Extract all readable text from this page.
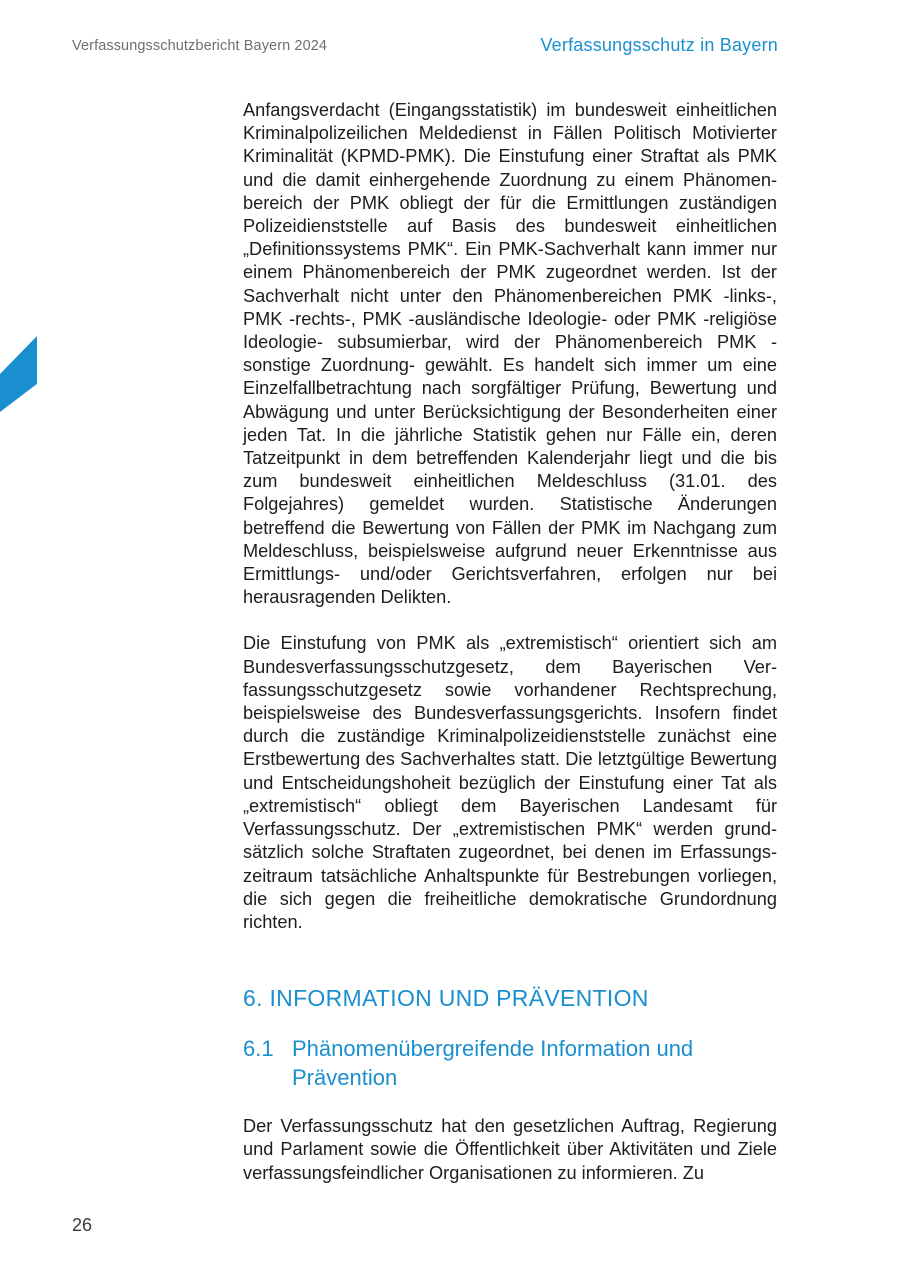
Verfassungsschutzbericht Bayern 2024	Verfassungsschutz in Bayern

Anfangsverdacht (Eingangsstatistik) im bundesweit einheitlichen Kriminalpolizeilichen Meldedienst in Fällen Politisch Motivierter Kriminalität (KPMD-PMK). Die Einstufung einer Straftat als PMK und die damit einhergehende Zuordnung zu einem Phänomenbereich der PMK obliegt der für die Ermittlungen zuständigen Polizeidienststelle auf Basis des bundesweit einheitlichen „Definitionssystems PMK“. Ein PMK-Sachverhalt kann immer nur einem Phänomenbereich der PMK zugeordnet werden. Ist der Sachverhalt nicht unter den Phänomenbereichen PMK -links-, PMK -rechts-, PMK -ausländische Ideologie- oder PMK -religiöse Ideologie- subsumierbar, wird der Phänomenbereich PMK -sonstige Zuordnung- gewählt. Es handelt sich immer um eine Einzelfallbetrachtung nach sorgfältiger Prüfung, Bewertung und Abwägung und unter Berücksichtigung der Besonderheiten einer jeden Tat. In die jährliche Statistik gehen nur Fälle ein, deren Tatzeitpunkt in dem betreffenden Kalenderjahr liegt und die bis zum bundesweit einheitlichen Meldeschluss (31.01. des Folgejahres) gemeldet wurden. Statistische Änderungen betreffend die Bewertung von Fällen der PMK im Nachgang zum Meldeschluss, beispielsweise aufgrund neuer Erkenntnisse aus Ermittlungs- und/oder Gerichtsverfahren, erfolgen nur bei herausragenden Delikten.

Die Einstufung von PMK als „extremistisch“ orientiert sich am Bundesverfassungsschutzgesetz, dem Bayerischen Verfassungsschutzgesetz sowie vorhandener Rechtsprechung, beispielsweise des Bundesverfassungsgerichts. Insofern findet durch die zuständige Kriminalpolizeidienststelle zunächst eine Erstbewertung des Sachverhaltes statt. Die letztgültige Bewertung und Entscheidungshoheit bezüglich der Einstufung einer Tat als „extremistisch“ obliegt dem Bayerischen Landesamt für Verfassungsschutz. Der „extremistischen PMK“ werden grundsätzlich solche Straftaten zugeordnet, bei denen im Erfassungszeitraum tatsächliche Anhaltspunkte für Bestrebungen vorliegen, die sich gegen die freiheitliche demokratische Grundordnung richten.

6. INFORMATION UND PRÄVENTION
6.1 Phänomenübergreifende Information und Prävention

Der Verfassungsschutz hat den gesetzlichen Auftrag, Regierung und Parlament sowie die Öffentlichkeit über Aktivitäten und Ziele verfassungsfeindlicher Organisationen zu informieren. Zu

26
